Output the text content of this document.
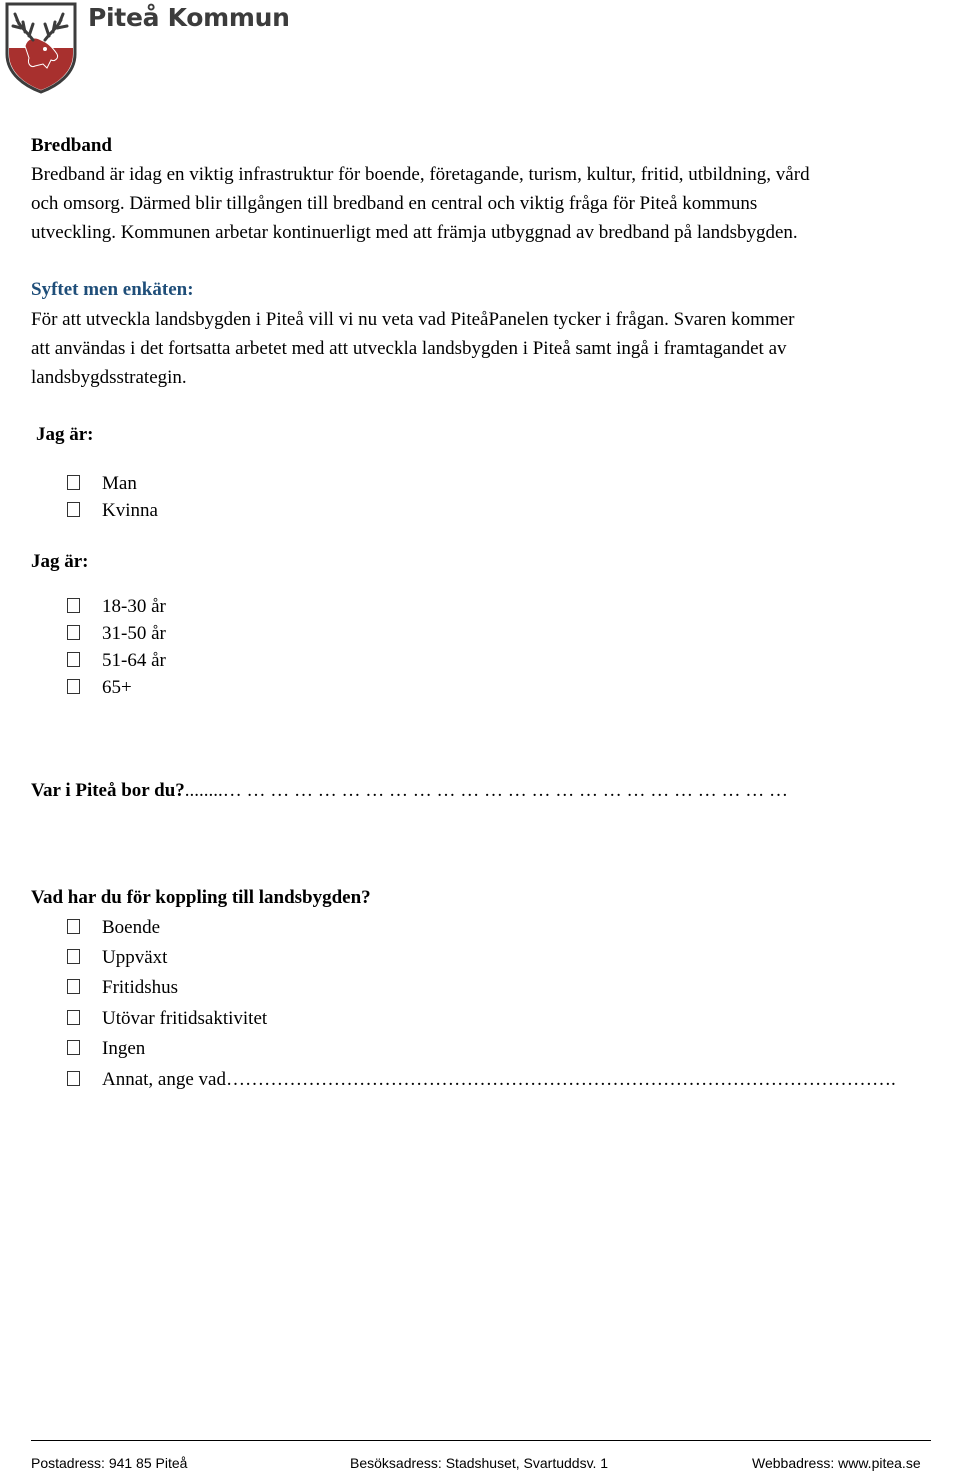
Piteå Kommun
Bredband
Bredband är idag en viktig infrastruktur för boende, företagande, turism, kultur, fritid, utbildning, vård
och omsorg. Därmed blir tillgången till bredband en central och viktig fråga för Piteå kommuns
utveckling. Kommunen arbetar kontinuerligt med att främja utbyggnad av bredband på landsbygden.
Syftet men enkäten:
För att utveckla landsbygden i Piteå vill vi nu veta vad PiteåPanelen tycker i frågan. Svaren kommer
att användas i det fortsatta arbetet med att utveckla landsbygden i Piteå samt ingå i framtagandet av
landsbygdsstrategin.
Jag är:
Man
Kvinna
Jag är:
18-30 år
31-50 år
51-64 år
65+
Var i Piteå bor du?........… … … … … … … … … … … … … … … … … … … … … … … …
Vad har du för koppling till landsbygden?
Boende
Uppväxt
Fritidshus
Utövar fritidsaktivitet
Ingen
Annat, ange vad…………………………………………………………………………………………….
Postadress: 941 85 Piteå	Besöksadress: Stadshuset, Svartuddsv. 1	Webbadress: www.pitea.se
